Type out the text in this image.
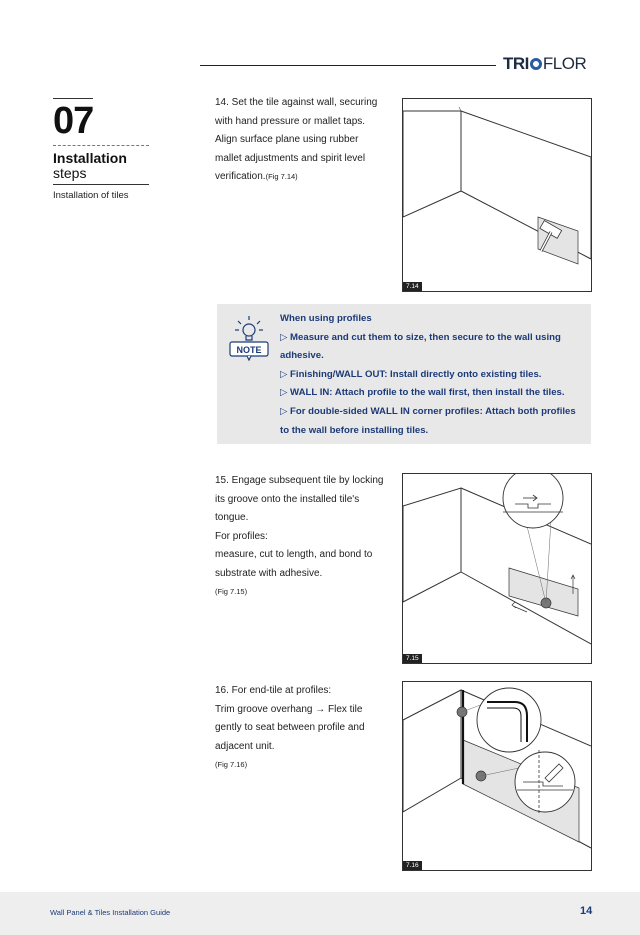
TRI FLOR
07
Installation
steps
Installation of tiles
14. Set the tile against wall, securing
with hand pressure or mallet taps.
Align surface plane using rubber
mallet adjustments and spirit level
verification.(Fig 7.14)
7.14
NOTE
When using profiles
▷ Measure and cut them to size, then secure to the wall using adhesive.
▷ Finishing/WALL OUT: Install directly onto existing tiles.
▷ WALL IN: Attach profile to the wall first, then install the tiles.
▷ For double-sided WALL IN corner profiles: Attach both profiles to the wall before installing tiles.
15. Engage subsequent tile by locking
its groove onto the installed tile's
tongue.
For profiles:
measure, cut to length, and bond to
substrate with adhesive.
(Fig 7.15)
7.15
16. For end-tile at profiles:
Trim groove overhang → Flex tile
gently to seat between profile and
adjacent unit.
(Fig 7.16)
7.16
Wall Panel & Tiles Installation Guide	14
